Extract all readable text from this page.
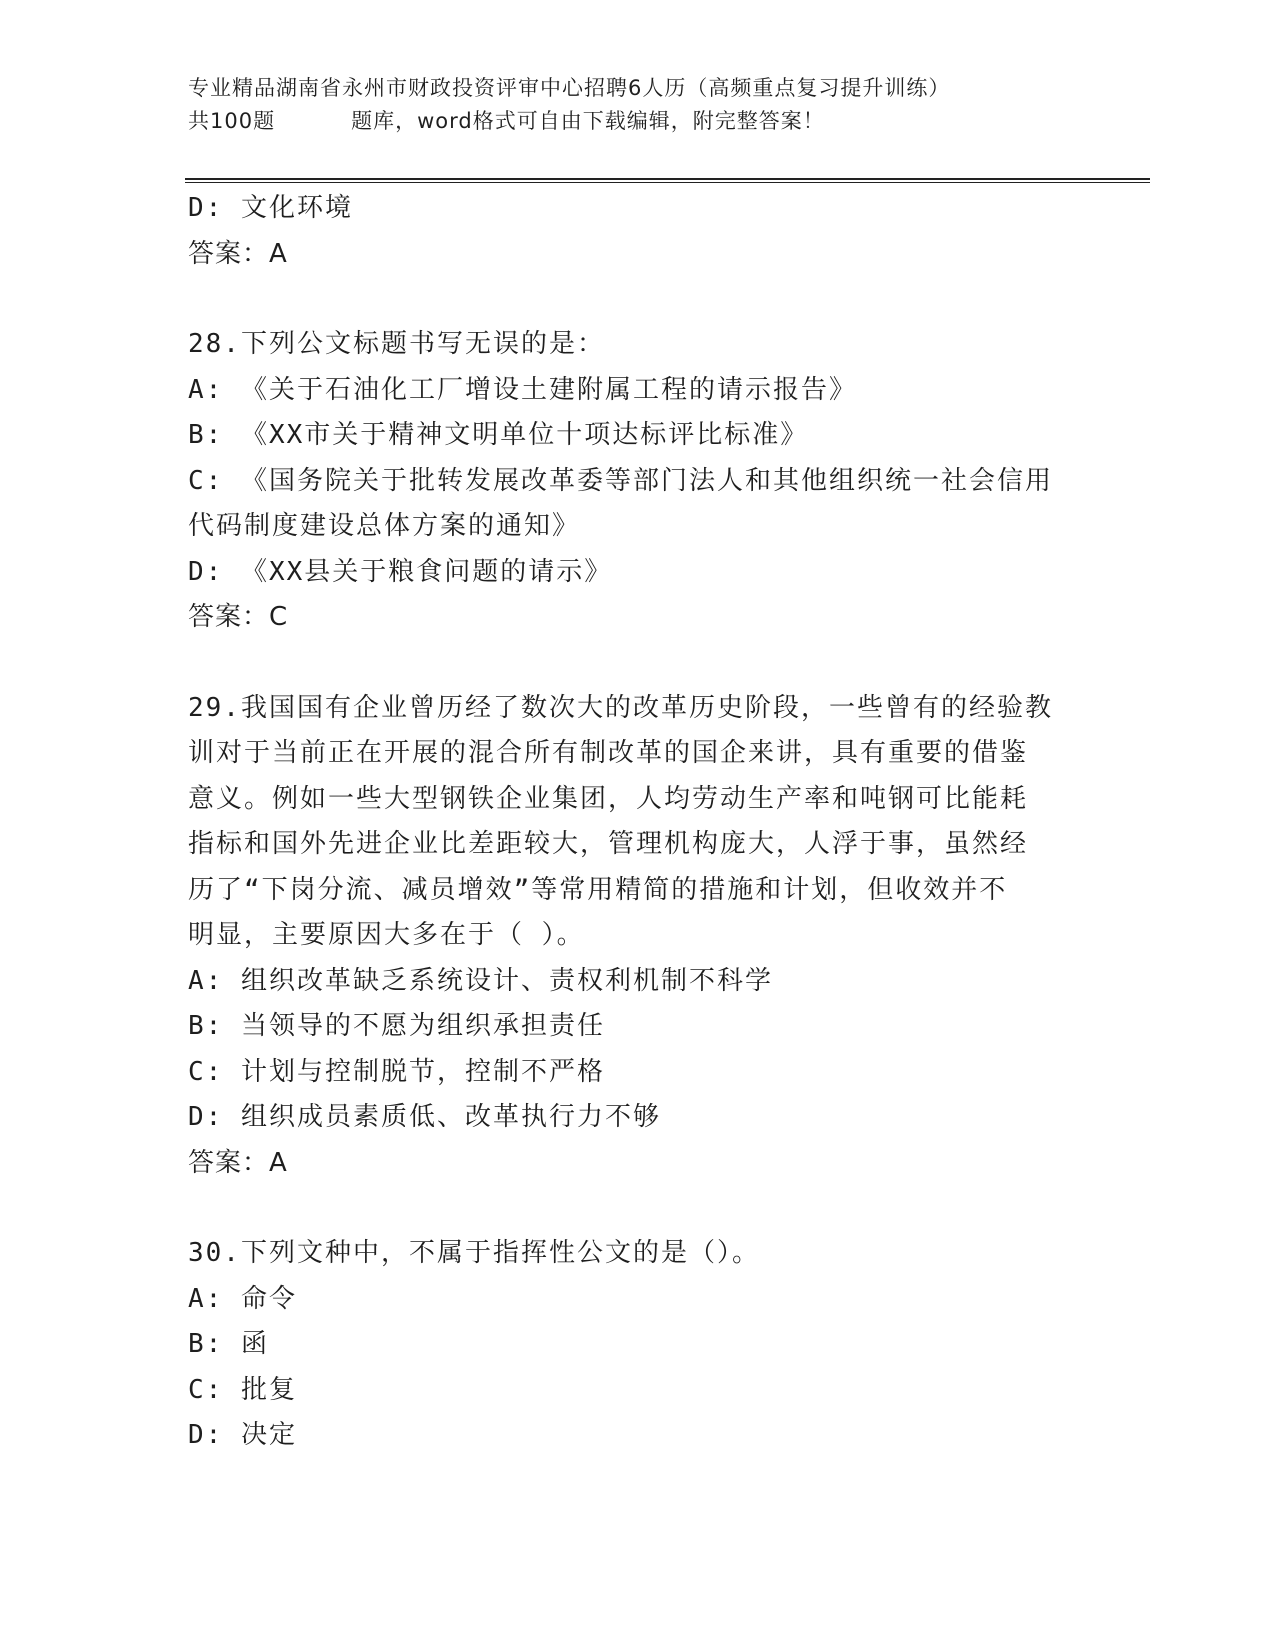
专业精品湖南省永州市财政投资评审中心招聘6人历（高频重点复习提升训练）
共100题	题库，word格式可自由下载编辑，附完整答案！
D: 文化环境
答案：A
28.下列公文标题书写无误的是：
A: 《关于石油化工厂增设土建附属工程的请示报告》
B: 《XX市关于精神文明单位十项达标评比标准》
C: 《国务院关于批转发展改革委等部门法人和其他组织统一社会信用
代码制度建设总体方案的通知》
D: 《XX县关于粮食问题的请示》
答案：C
29.我国国有企业曾历经了数次大的改革历史阶段，一些曾有的经验教
训对于当前正在开展的混合所有制改革的国企来讲，具有重要的借鉴
意义。例如一些大型钢铁企业集团，人均劳动生产率和吨钢可比能耗
指标和国外先进企业比差距较大，管理机构庞大，人浮于事，虽然经
历了“下岗分流、减员增效”等常用精简的措施和计划，但收效并不
明显，主要原因大多在于（ ）。
A: 组织改革缺乏系统设计、责权利机制不科学
B: 当领导的不愿为组织承担责任
C: 计划与控制脱节，控制不严格
D: 组织成员素质低、改革执行力不够
答案：A
30.下列文种中，不属于指挥性公文的是（）。
A: 命令
B: 函
C: 批复
D: 决定
